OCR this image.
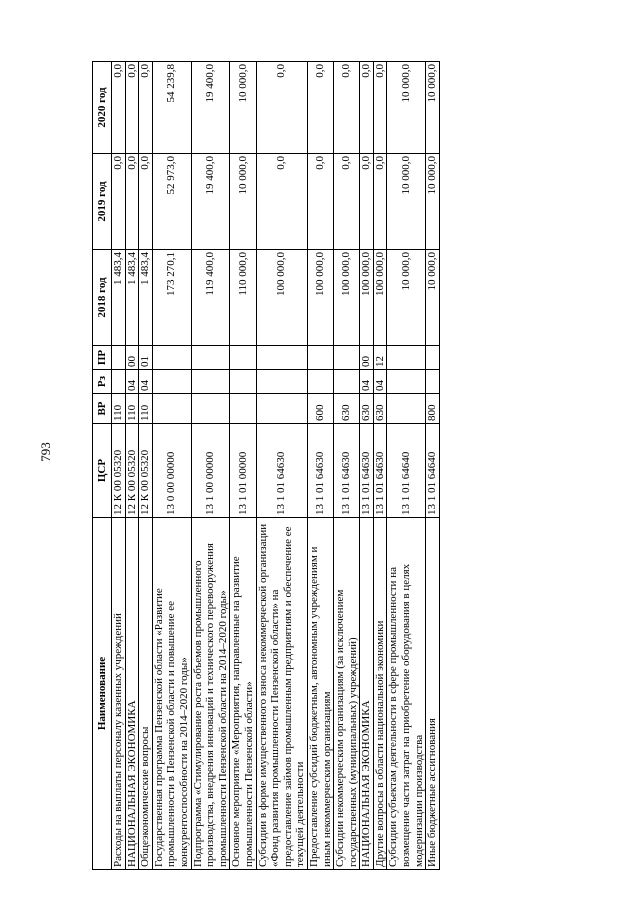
793
Наименование	ЦСР	ВР	Рз	ПР	2018 год	2019 год	2020 год
Расходы на выплаты персоналу казенных учреждений	12 К 00 05320	110			1 483,4	0,0	0,0
НАЦИОНАЛЬНАЯ ЭКОНОМИКА	12 К 00 05320	110	04	00	1 483,4	0,0	0,0
Общеэкономические вопросы	12 К 00 05320	110	04	01	1 483,4	0,0	0,0
Государственная программа Пензенской области «Развитие промышленности в Пензенской области и повышение ее конкурентоспособности на 2014–2020 годы»	13 0 00 00000				173 270,1	52 973,0	54 239,8
Подпрограмма «Стимулирование роста объемов промышленного производства, внедрения инноваций и технического перевооружения промышленности Пензенской области на 2014–2020 годы»	13 1 00 00000				119 400,0	19 400,0	19 400,0
Основное мероприятие «Мероприятия, направленные на развитие промышленности Пензенской области»	13 1 01 00000				110 000,0	10 000,0	10 000,0
Субсидии в форме имущественного взноса некоммерческой организации «Фонд развития промышленности Пензенской области» на предоставление займов промышленным предприятиям и обеспечение ее текущей деятельности	13 1 01 64630				100 000,0	0,0	0,0
Предоставление субсидий бюджетным, автономным учреждениям и иным некоммерческим организациям	13 1 01 64630	600			100 000,0	0,0	0,0
Субсидии некоммерческим организациям (за исключением государственных (муниципальных) учреждений)	13 1 01 64630	630			100 000,0	0,0	0,0
НАЦИОНАЛЬНАЯ ЭКОНОМИКА	13 1 01 64630	630	04	00	100 000,0	0,0	0,0
Другие вопросы в области национальной экономики	13 1 01 64630	630	04	12	100 000,0	0,0	0,0
Субсидии субъектам деятельности в сфере промышленности на возмещение части затрат на приобретение оборудования в целях модернизации производства	13 1 01 64640				10 000,0	10 000,0	10 000,0
Иные бюджетные ассигнования	13 1 01 64640	800			10 000,0	10 000,0	10 000,0
